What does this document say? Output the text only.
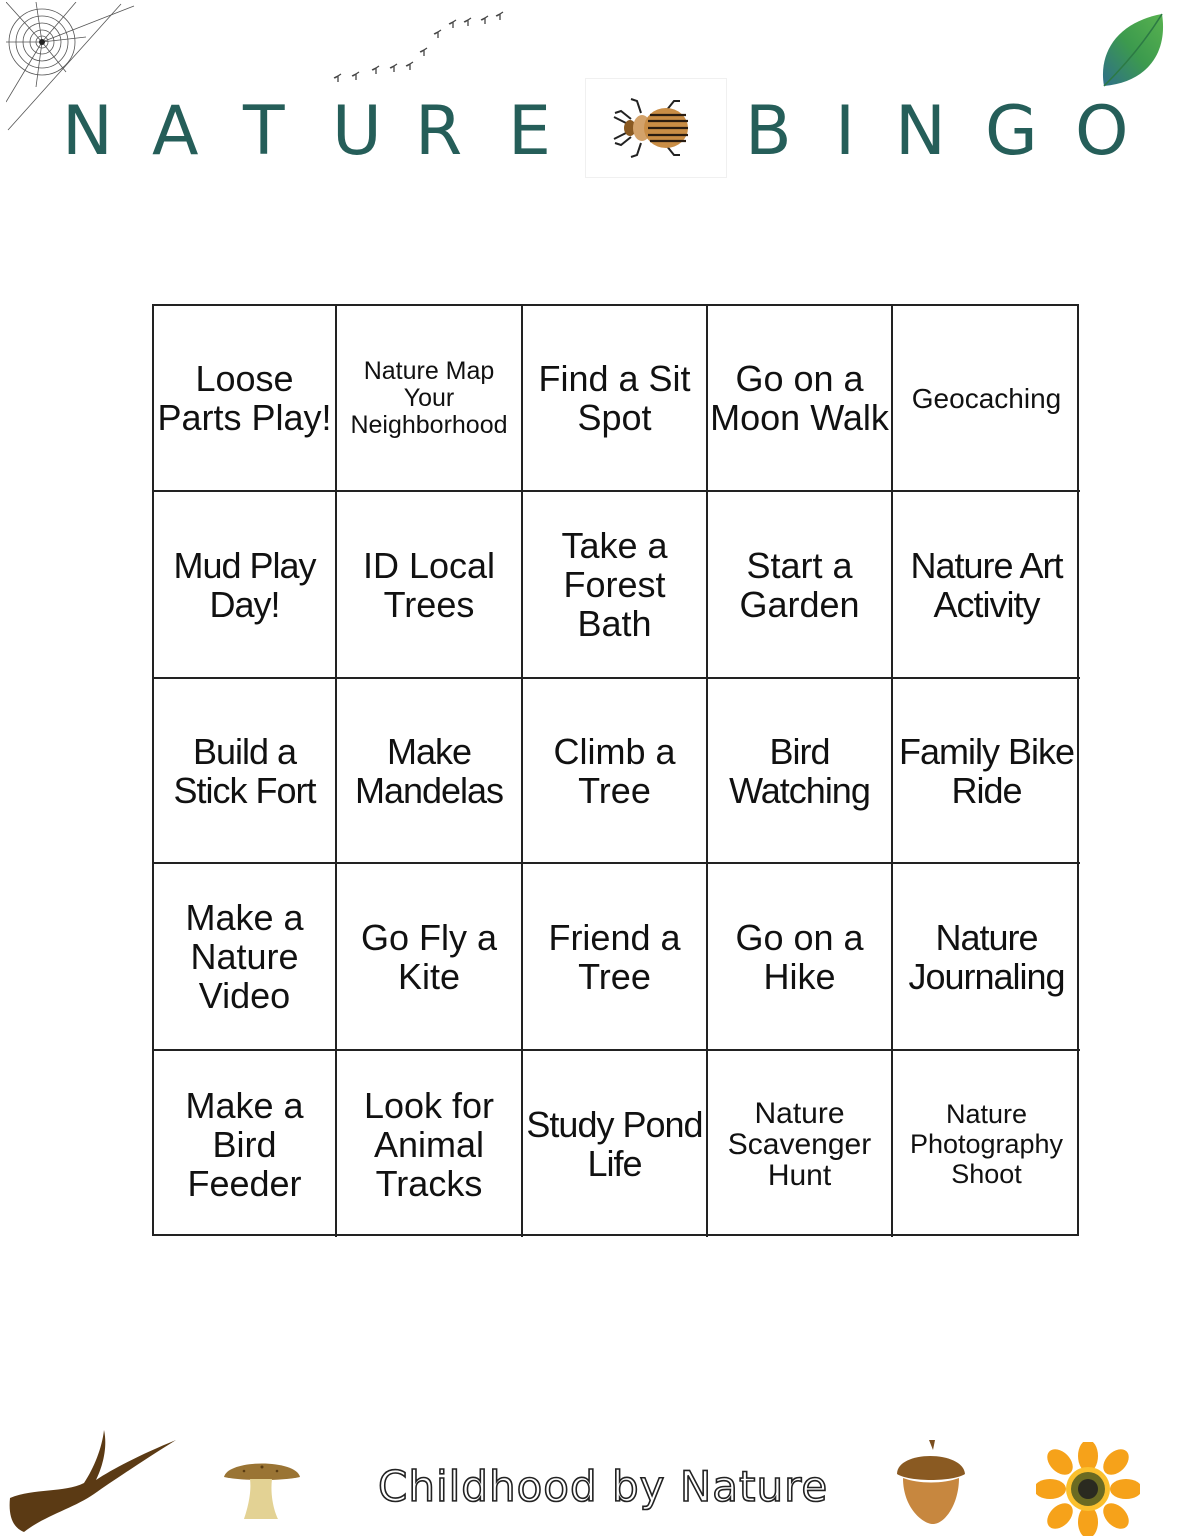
N A T U R E	B I N G O
Loose Parts Play!
Nature Map Your Neighborhood
Find a Sit Spot
Go on a Moon Walk Geocaching
Mud Play Day!
ID Local Trees
Take a Forest Bath
Start a Garden
Nature Art Activity
Build a Stick Fort
Make Mandelas
Climb a Tree
Bird Watching
Family Bike Ride
Make a Nature Video
Go Fly a Kite
Friend a Tree
Go on a Hike
Nature Journaling
Make a Bird Feeder
Look for Animal Tracks
Study Pond Life
Nature Scavenger Hunt
Nature Photography Shoot
Childhood by Nature
